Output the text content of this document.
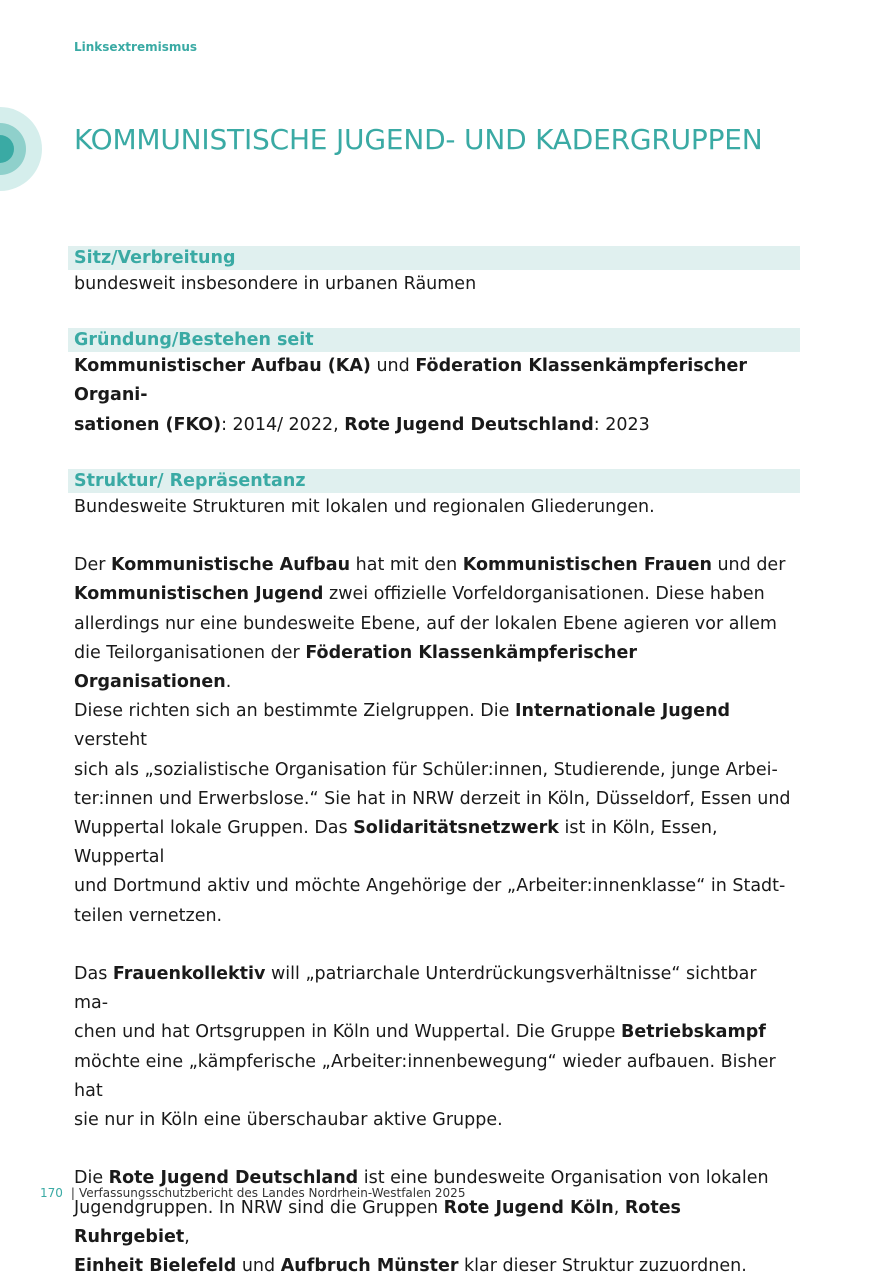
Linksextremismus
KOMMUNISTISCHE JUGEND- UND KADERGRUPPEN
Sitz/Verbreitung
bundesweit insbesondere in urbanen Räumen
Gründung/Bestehen seit
Kommunistischer Aufbau (KA) und Föderation Klassenkämpferischer Organi-
sationen (FKO): 2014/ 2022, Rote Jugend Deutschland: 2023
Struktur/ Repräsentanz

Bundesweite Strukturen mit lokalen und regionalen Gliederungen.

Der Kommunistische Aufbau hat mit den Kommunistischen Frauen und der
Kommunistischen Jugend zwei offizielle Vorfeldorganisationen. Diese haben
allerdings nur eine bundesweite Ebene, auf der lokalen Ebene agieren vor allem
die Teilorganisationen der Föderation Klassenkämpferischer Organisationen.
Diese richten sich an bestimmte Zielgruppen. Die Internationale Jugend versteht
sich als „sozialistische Organisation für Schüler:innen, Studierende, junge Arbei-
ter:innen und Erwerbslose.“ Sie hat in NRW derzeit in Köln, Düsseldorf, Essen und
Wuppertal lokale Gruppen. Das Solidaritätsnetzwerk ist in Köln, Essen, Wuppertal
und Dortmund aktiv und möchte Angehörige der „Arbeiter:innenklasse“ in Stadt-
teilen vernetzen.

Das Frauenkollektiv will „patriarchale Unterdrückungsverhältnisse“ sichtbar ma-
chen und hat Ortsgruppen in Köln und Wuppertal. Die Gruppe Betriebskampf
möchte eine „kämpferische „Arbeiter:innenbewegung“ wieder aufbauen. Bisher hat
sie nur in Köln eine überschaubar aktive Gruppe.

Die Rote Jugend Deutschland ist eine bundesweite Organisation von lokalen
Jugendgruppen. In NRW sind die Gruppen Rote Jugend Köln, Rotes Ruhrgebiet,
Einheit Bielefeld und Aufbruch Münster klar dieser Struktur zuzuordnen.

170 | Verfassungsschutzbericht des Landes Nordrhein-Westfalen 2025
